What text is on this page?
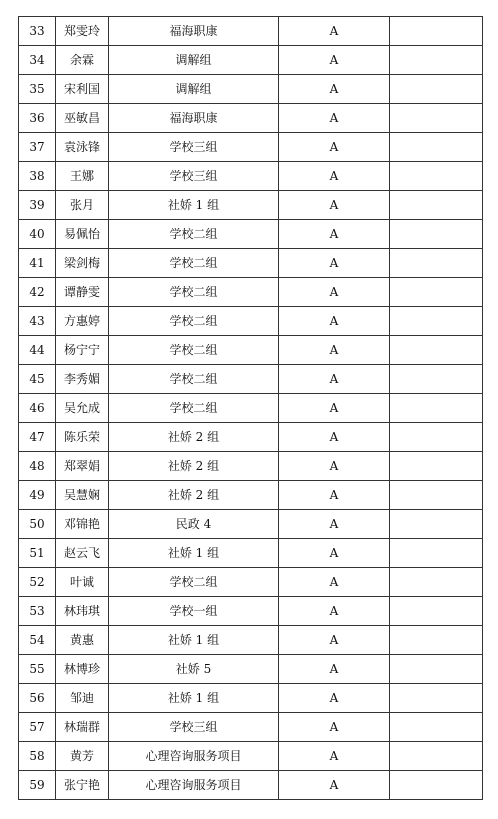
33	郑雯玲	福海职康	A	
34	余霖	调解组	A	
35	宋利国	调解组	A	
36	巫敏昌	福海职康	A	
37	袁泳锋	学校三组	A	
38	王娜	学校三组	A	
39	张月	社娇 1 组	A	
40	易佩怡	学校二组	A	
41	梁剑梅	学校二组	A	
42	谭静雯	学校二组	A	
43	方惠婷	学校二组	A	
44	杨宁宁	学校二组	A	
45	李秀媚	学校二组	A	
46	吴允成	学校二组	A	
47	陈乐荣	社娇 2 组	A	
48	郑翠娟	社娇 2 组	A	
49	吴慧娴	社娇 2 组	A	
50	邓锦艳	民政 4	A	
51	赵云飞	社娇 1 组	A	
52	叶诚	学校二组	A	
53	林玮琪	学校一组	A	
54	黄惠	社娇 1 组	A	
55	林博珍	社娇 5	A	
56	邹迪	社娇 1 组	A	
57	林瑞群	学校三组	A	
58	黄芳	心理咨询服务项目	A	
59	张宁艳	心理咨询服务项目	A	
